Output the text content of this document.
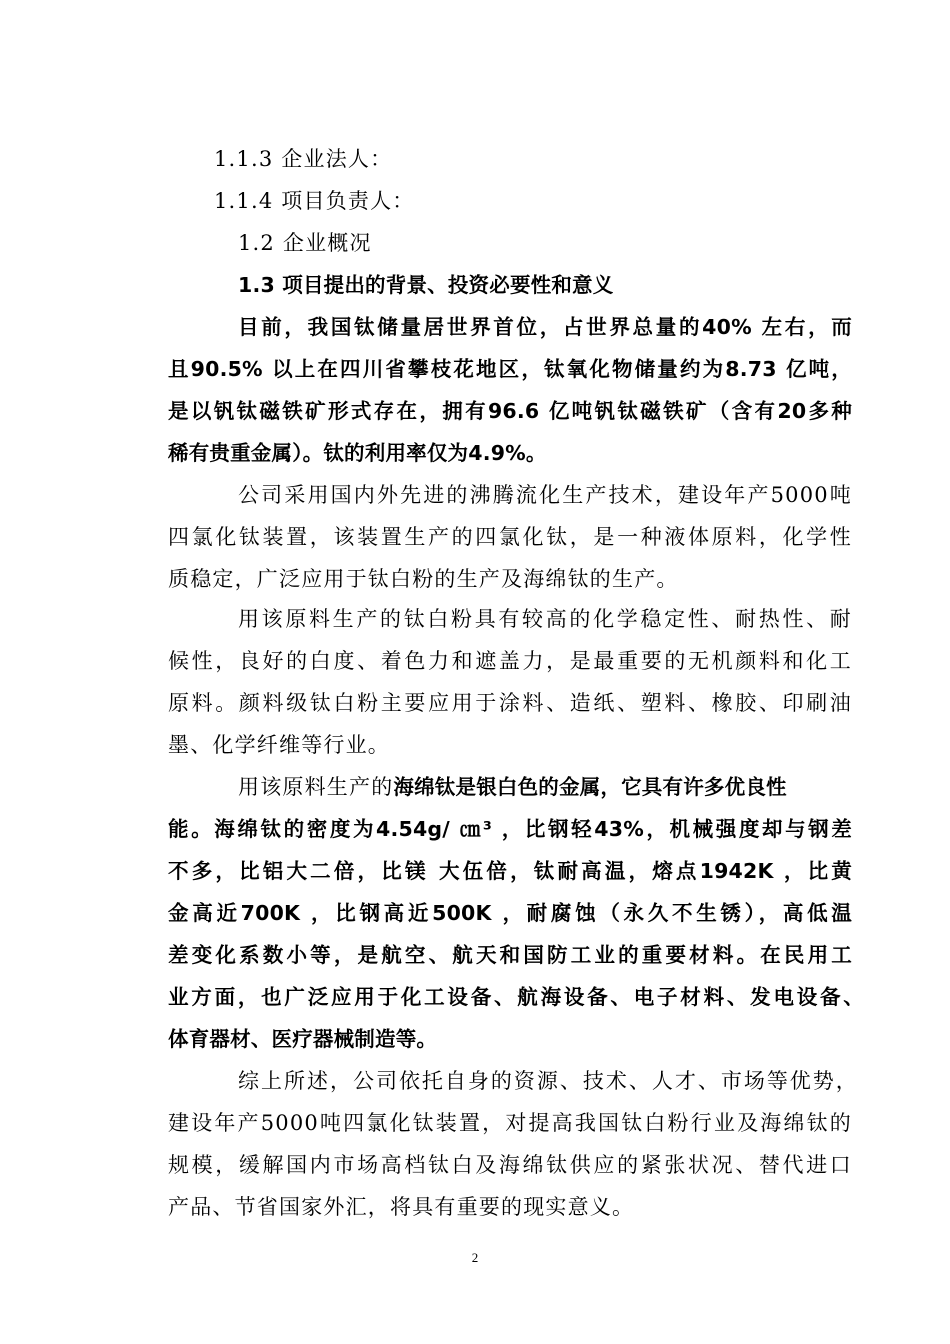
1.1.3 企业法人：
1.1.4 项目负责人：
1.2 企业概况
1.3 项目提出的背景、投资必要性和意义
目前，我国钛储量居世界首位，占世界总量的40% 左右，而
且90.5% 以上在四川省攀枝花地区，钛氧化物储量约为8.73 亿吨，
是以钒钛磁铁矿形式存在，拥有96.6 亿吨钒钛磁铁矿（含有20多种
稀有贵重金属）。钛的利用率仅为4.9%。
公司采用国内外先进的沸腾流化生产技术，建设年产5000吨
四氯化钛装置，该装置生产的四氯化钛，是一种液体原料，化学性
质稳定，广泛应用于钛白粉的生产及海绵钛的生产。
用该原料生产的钛白粉具有较高的化学稳定性、耐热性、耐
候性，良好的白度、着色力和遮盖力，是最重要的无机颜料和化工
原料。颜料级钛白粉主要应用于涂料、造纸、塑料、橡胶、印刷油
墨、化学纤维等行业。
用该原料生产的海绵钛是银白色的金属，它具有许多优良性
能。海绵钛的密度为4.54g/ ㎝³ ，比钢轻43%，机械强度却与钢差
不多，比铝大二倍，比镁 大伍倍，钛耐高温，熔点1942K ，比黄
金高近700K ，比钢高近500K ，耐腐蚀（永久不生锈），高低温
差变化系数小等，是航空、航天和国防工业的重要材料。在民用工
业方面，也广泛应用于化工设备、航海设备、电子材料、发电设备、
体育器材、医疗器械制造等。
综上所述，公司依托自身的资源、技术、人才、市场等优势，
建设年产5000吨四氯化钛装置，对提高我国钛白粉行业及海绵钛的
规模，缓解国内市场高档钛白及海绵钛供应的紧张状况、替代进口
产品、节省国家外汇，将具有重要的现实意义。
2
